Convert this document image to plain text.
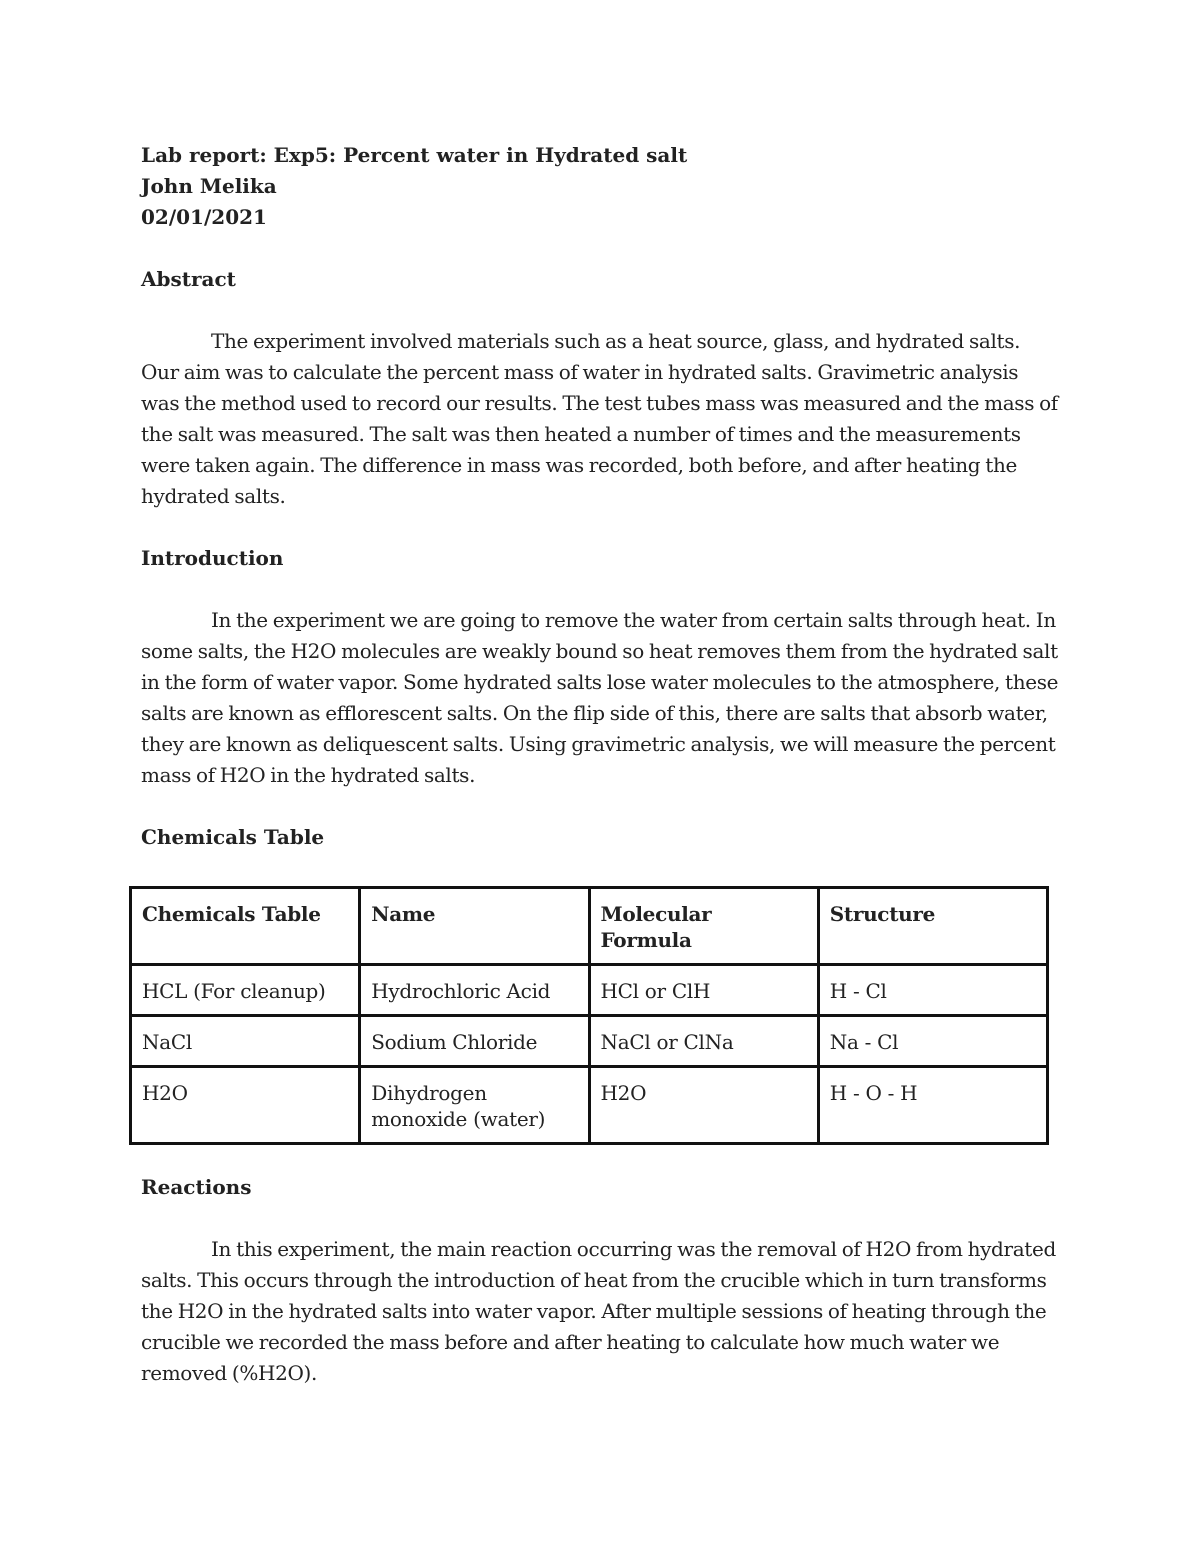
Lab report: Exp5: Percent water in Hydrated salt
John Melika
02/01/2021
Abstract

The experiment involved materials such as a heat source, glass, and hydrated salts. Our aim was to calculate the percent mass of water in hydrated salts. Gravimetric analysis was the method used to record our results. The test tubes mass was measured and the mass of the salt was measured. The salt was then heated a number of times and the measurements were taken again. The difference in mass was recorded, both before, and after heating the hydrated salts.

Introduction

In the experiment we are going to remove the water from certain salts through heat. In some salts, the H2O molecules are weakly bound so heat removes them from the hydrated salt in the form of water vapor. Some hydrated salts lose water molecules to the atmosphere, these salts are known as efflorescent salts. On the flip side of this, there are salts that absorb water, they are known as deliquescent salts. Using gravimetric analysis, we will measure the percent mass of H2O in the hydrated salts.

Chemicals Table
Chemicals Table	Name	Molecular Formula	Structure
HCL (For cleanup)	Hydrochloric Acid	HCl or ClH	H - Cl
NaCl	Sodium Chloride	NaCl or ClNa	Na - Cl
H2O	Dihydrogen monoxide (water)	H2O	H - O - H
Reactions

In this experiment, the main reaction occurring was the removal of H2O from hydrated salts. This occurs through the introduction of heat from the crucible which in turn transforms the H2O in the hydrated salts into water vapor. After multiple sessions of heating through the crucible we recorded the mass before and after heating to calculate how much water we removed (%H2O).
